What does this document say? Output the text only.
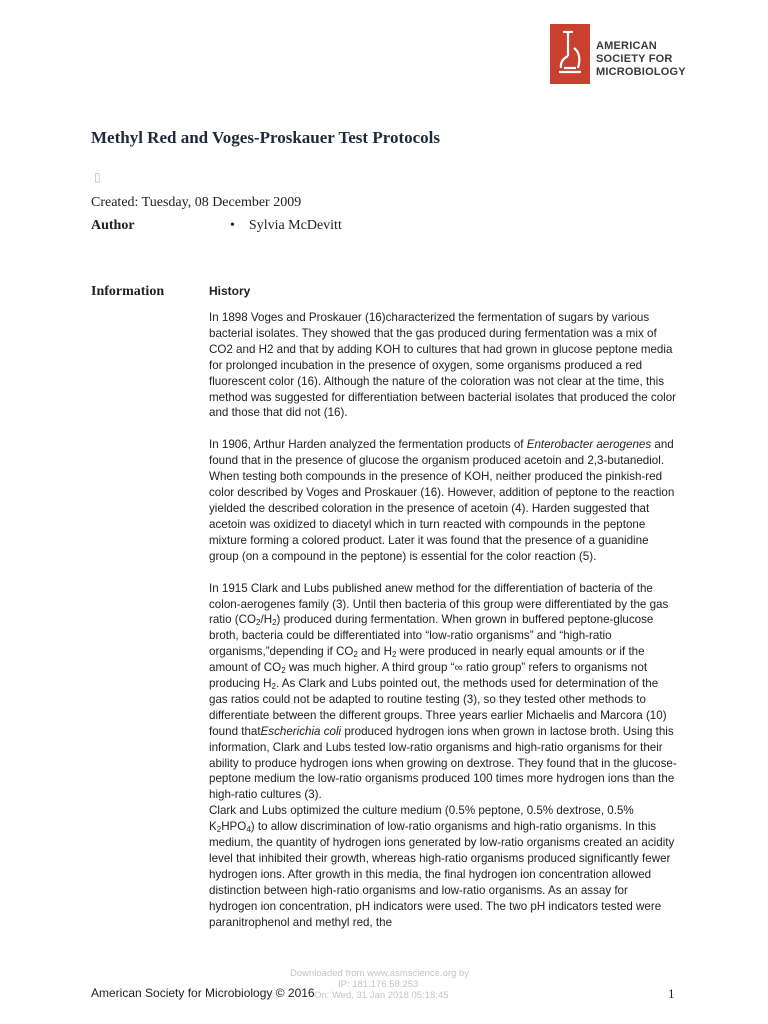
AMERICAN
SOCIETY FOR
MICROBIOLOGY
Methyl Red and Voges-Proskauer Test Protocols
▯
Created: Tuesday, 08 December 2009
Author	• Sylvia McDevitt
Information	History

In 1898 Voges and Proskauer (16)characterized the fermentation of sugars by various bacterial isolates. They showed that the gas produced during fermentation was a mix of CO2 and H2 and that by adding KOH to cultures that had grown in glucose peptone media for prolonged incubation in the presence of oxygen, some organisms produced a red fluorescent color (16). Although the nature of the coloration was not clear at the time, this method was suggested for differentiation between bacterial isolates that produced the color and those that did not (16).

In 1906, Arthur Harden analyzed the fermentation products of Enterobacter aerogenes and found that in the presence of glucose the organism produced acetoin and 2,3-butanediol. When testing both compounds in the presence of KOH, neither produced the pinkish-red color described by Voges and Proskauer (16). However, addition of peptone to the reaction yielded the described coloration in the presence of acetoin (4). Harden suggested that acetoin was oxidized to diacetyl which in turn reacted with compounds in the peptone mixture forming a colored product. Later it was found that the presence of a guanidine group (on a compound in the peptone) is essential for the color reaction (5).

In 1915 Clark and Lubs published anew method for the differentiation of bacteria of the colon-aerogenes family (3). Until then bacteria of this group were differentiated by the gas ratio $(CO_2/H_2)$ produced during fermentation. When grown in buffered peptone-glucose broth, bacteria could be differentiated into “low-ratio organisms” and “high-ratio organisms,”depending if $CO_2$ and $H_2$ were produced in nearly equal amounts or if the amount of $CO_2$ was much higher. A third group “∞ ratio group” refers to organisms not producing $H_2$. As Clark and Lubs pointed out, the methods used for determination of the gas ratios could not be adapted to routine testing (3), so they tested other methods to differentiate between the different groups. Three years earlier Michaelis and Marcora (10) found thatEscherichia coli produced hydrogen ions when grown in lactose broth. Using this information, Clark and Lubs tested low-ratio organisms and high-ratio organisms for their ability to produce hydrogen ions when growing on dextrose. They found that in the glucose-peptone medium the low-ratio organisms produced 100 times more hydrogen ions than the high-ratio cultures (3).

Clark and Lubs optimized the culture medium (0.5% peptone, 0.5% dextrose, 0.5% $K_2HPO_4$) to allow discrimination of low-ratio organisms and high-ratio organisms. In this medium, the quantity of hydrogen ions generated by low-ratio organisms created an acidity level that inhibited their growth, whereas high-ratio organisms produced significantly fewer hydrogen ions. After growth in this media, the final hydrogen ion concentration allowed distinction between high-ratio organisms and low-ratio organisms. As an assay for hydrogen ion concentration, pH indicators were used. The two pH indicators tested were paranitrophenol and methyl red, the

Downloaded from www.asmscience.org by
IP: 181.176.58.253
On: Wed, 31 Jan 2018 05:18:45
American Society for Microbiology © 2016	1
